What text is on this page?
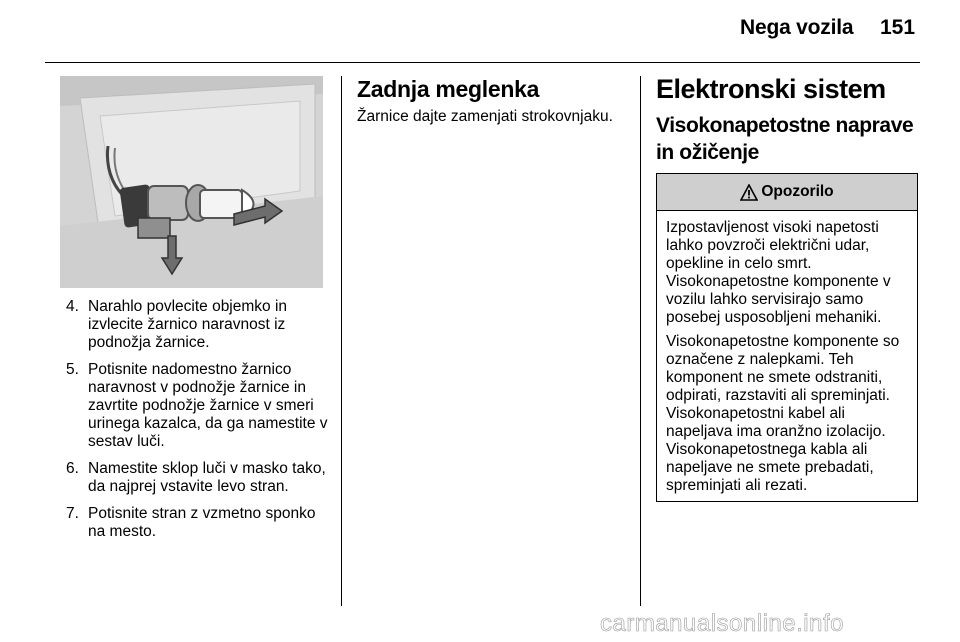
Nega vozila 151
4. Narahlo povlecite objemko in izvlecite žarnico naravnost iz podnožja žarnice.
5. Potisnite nadomestno žarnico naravnost v podnožje žarnice in zavrtite podnožje žarnice v smeri urinega kazalca, da ga namestite v sestav luči.
6. Namestite sklop luči v masko tako, da najprej vstavite levo stran.
7. Potisnite stran z vzmetno sponko na mesto.
Zadnja meglenka
Žarnice dajte zamenjati strokovnjaku.
Elektronski sistem
Visokonapetostne naprave in ožičenje
Opozorilo

Izpostavljenost visoki napetosti lahko povzroči električni udar, opekline in celo smrt. Visokonapetostne komponente v vozilu lahko servisirajo samo posebej usposobljeni mehaniki.

Visokonapetostne komponente so označene z nalepkami. Teh komponent ne smete odstraniti, odpirati, razstaviti ali spreminjati. Visokonapetostni kabel ali napeljava ima oranžno izolacijo. Visokonapetostnega kabla ali napeljave ne smete prebadati, spreminjati ali rezati.

carmanualsonline.info
